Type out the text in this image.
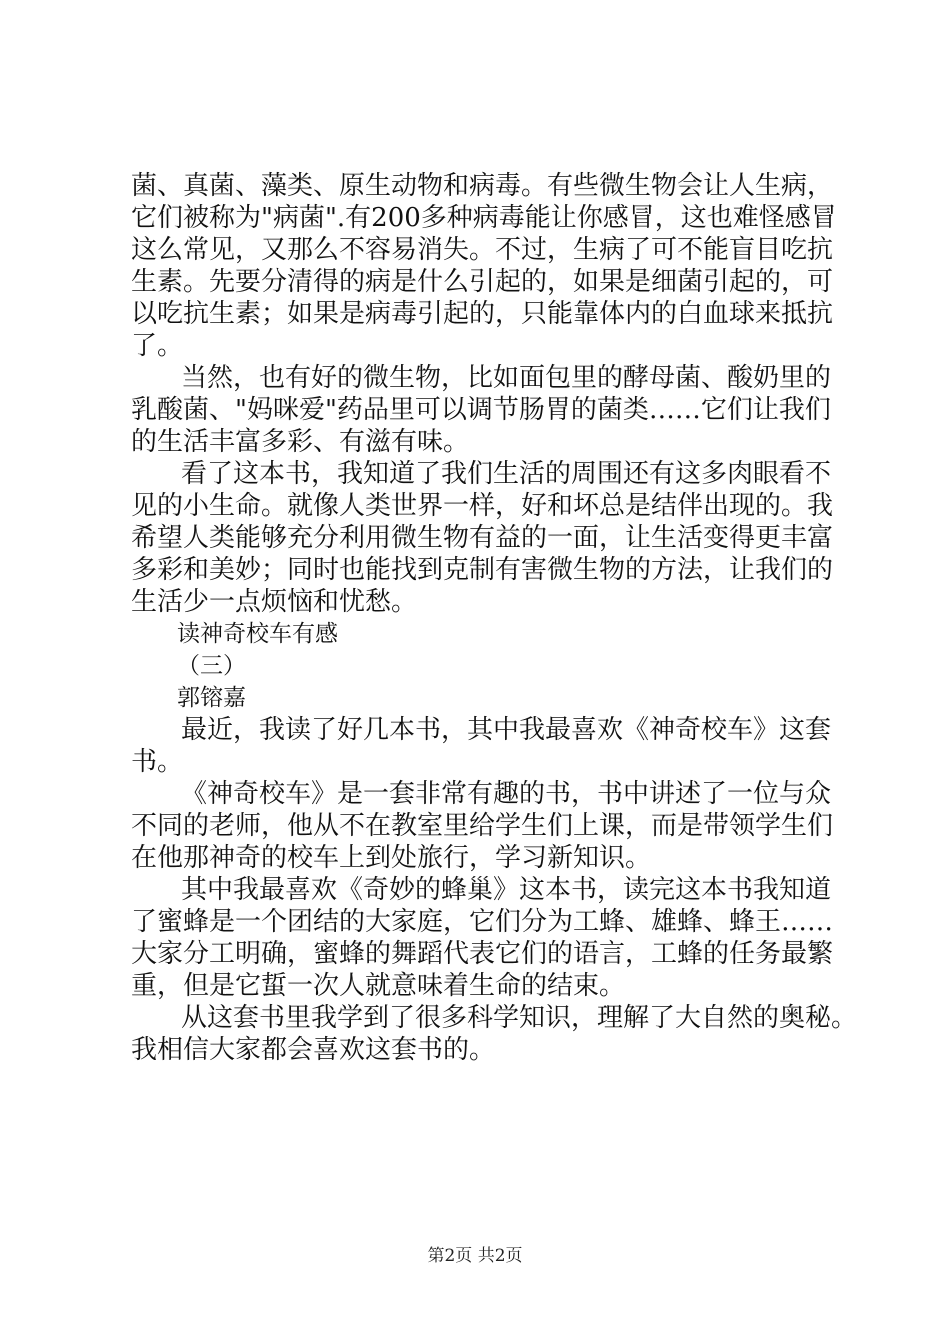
菌、真菌、藻类、原生动物和病毒。有些微生物会让人生病，
它们被称为"病菌".有200多种病毒能让你感冒，这也难怪感冒
这么常见，又那么不容易消失。不过，生病了可不能盲目吃抗
生素。先要分清得的病是什么引起的，如果是细菌引起的，可
以吃抗生素；如果是病毒引起的，只能靠体内的白血球来抵抗
了。
当然，也有好的微生物，比如面包里的酵母菌、酸奶里的
乳酸菌、"妈咪爱"药品里可以调节肠胃的菌类……它们让我们
的生活丰富多彩、有滋有味。
看了这本书，我知道了我们生活的周围还有这多肉眼看不
见的小生命。就像人类世界一样，好和坏总是结伴出现的。我
希望人类能够充分利用微生物有益的一面，让生活变得更丰富
多彩和美妙；同时也能找到克制有害微生物的方法，让我们的
生活少一点烦恼和忧愁。
读神奇校车有感
（三）
郭镕嘉
最近，我读了好几本书，其中我最喜欢《神奇校车》这套
书。
《神奇校车》是一套非常有趣的书，书中讲述了一位与众
不同的老师，他从不在教室里给学生们上课，而是带领学生们
在他那神奇的校车上到处旅行，学习新知识。
其中我最喜欢《奇妙的蜂巢》这本书，读完这本书我知道
了蜜蜂是一个团结的大家庭，它们分为工蜂、雄蜂、蜂王……
大家分工明确，蜜蜂的舞蹈代表它们的语言，工蜂的任务最繁
重，但是它蜇一次人就意味着生命的结束。
从这套书里我学到了很多科学知识，理解了大自然的奥秘。
我相信大家都会喜欢这套书的。
第2页 共2页
